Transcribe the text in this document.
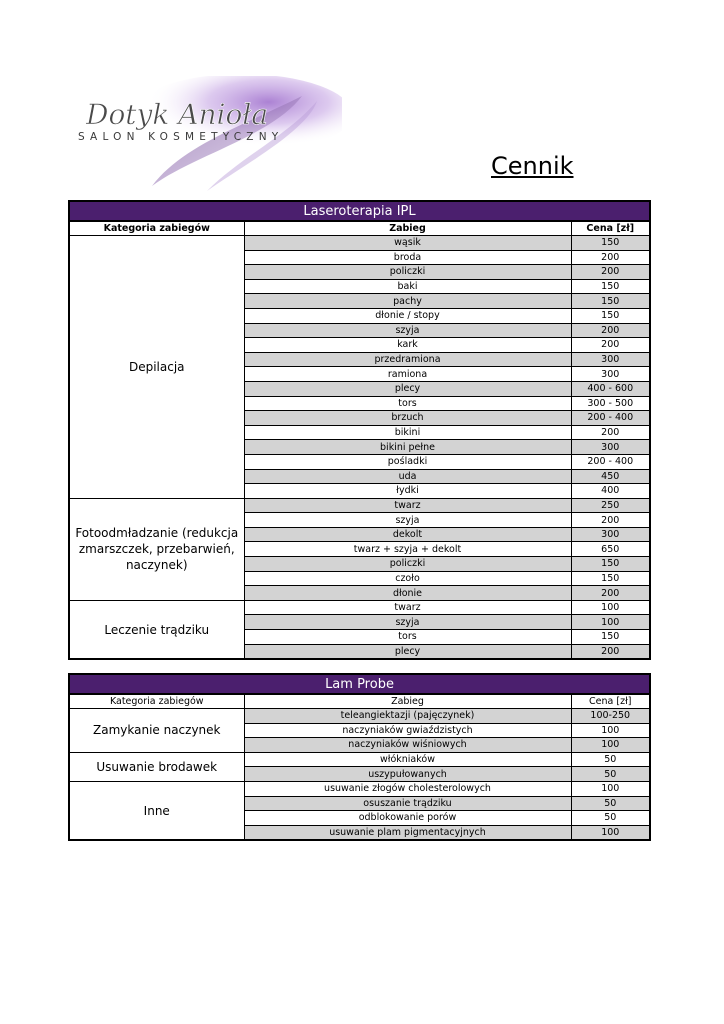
Dotyk Anioła
SALON KOSMETYCZNY
Cennik
Laseroterapia IPL		
Kategoria zabiegów	Zabieg	Cena [zł]
Depilacja	wąsik	150
	broda	200
	policzki	200
	baki	150
	pachy	150
	dłonie / stopy	150
	szyja	200
	kark	200
	przedramiona	300
	ramiona	300
	plecy	400 - 600
	tors	300 - 500
	brzuch	200 - 400
	bikini	200
	bikini pełne	300
	pośladki	200 - 400
	uda	450
	łydki	400
Fotoodmładzanie (redukcja zmarszczek, przebarwień, naczynek)	twarz	250
	szyja	200
	dekolt	300
	twarz + szyja + dekolt	650
	policzki	150
	czoło	150
	dłonie	200
Leczenie trądziku	twarz	100
	szyja	100
	tors	150
	plecy	200
Lam Probe		
Kategoria zabiegów	Zabieg	Cena [zł]
Zamykanie naczynek	teleangiektazji (pajęczynek)	100-250
	naczyniaków gwiaździstych	100
	naczyniaków wiśniowych	100
Usuwanie brodawek	włókniaków	50
	uszypułowanych	50
Inne	usuwanie złogów cholesterolowych	100
	osuszanie trądziku	50
	odblokowanie porów	50
	usuwanie plam pigmentacyjnych	100
